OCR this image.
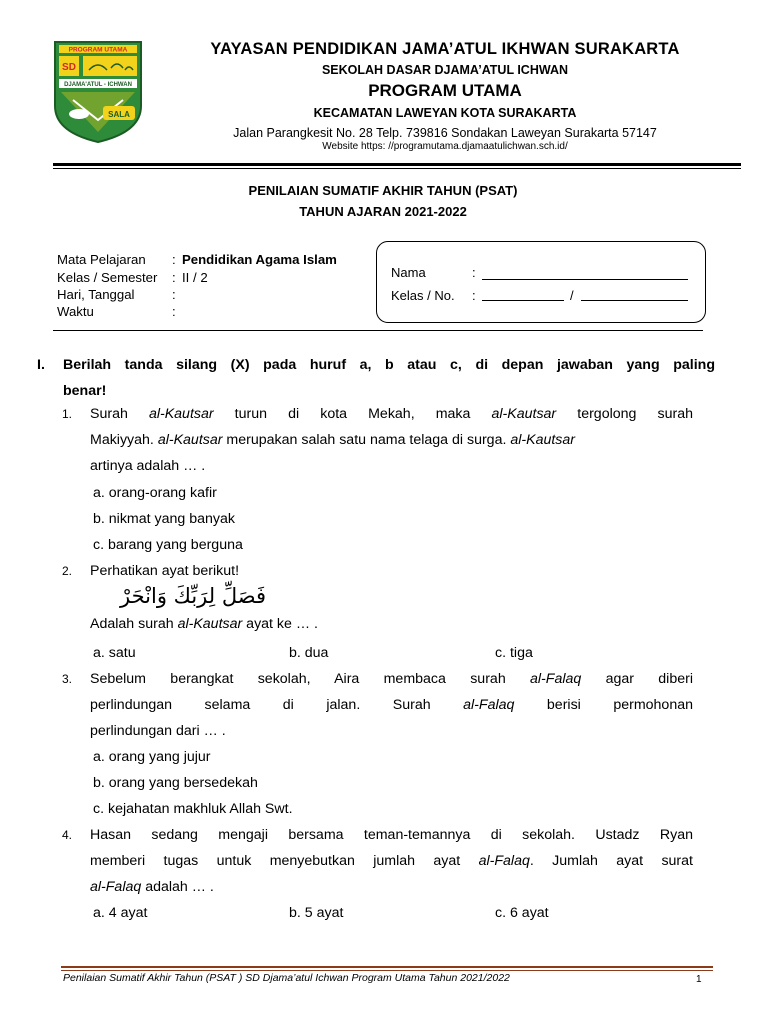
PROGRAM UTAMA
SD
DJAMA'ATUL - ICHWAN
SALA
YAYASAN PENDIDIKAN JAMA’ATUL IKHWAN SURAKARTA
SEKOLAH DASAR DJAMA’ATUL ICHWAN
PROGRAM UTAMA
KECAMATAN LAWEYAN KOTA SURAKARTA
Jalan Parangkesit No. 28 Telp. 739816 Sondakan Laweyan Surakarta 57147
Website https: //programutama.djamaatulichwan.sch.id/
PENILAIAN SUMATIF AKHIR TAHUN (PSAT)
TAHUN AJARAN 2021-2022
Mata Pelajaran : Pendidikan Agama Islam
Kelas / Semester : II / 2
Hari, Tanggal	:
Waktu	:
Nama	:
Kelas / No. :	/
I. Berilah tanda silang (X) pada huruf a, b atau c, di depan jawaban yang paling
benar!
1. Surah al-Kautsar turun di kota Mekah, maka al-Kautsar tergolong surah
Makiyyah. al-Kautsar merupakan salah satu nama telaga di surga. al-Kautsar
artinya adalah … .
a. orang-orang kafir
b. nikmat yang banyak
c. barang yang berguna
2. Perhatikan ayat berikut!
فَصَلِّ لِرَبِّكَ وَانْحَرْ
Adalah surah al-Kautsar ayat ke … .
a. satu	b. dua	c. tiga
3. Sebelum berangkat sekolah, Aira membaca surah al-Falaq agar diberi
perlindungan selama di jalan. Surah al-Falaq berisi permohonan
perlindungan dari … .
a. orang yang jujur
b. orang yang bersedekah
c. kejahatan makhluk Allah Swt.
4. Hasan sedang mengaji bersama teman-temannya di sekolah. Ustadz Ryan
memberi tugas untuk menyebutkan jumlah ayat al-Falaq. Jumlah ayat surat
al-Falaq adalah … .
a. 4 ayat	b. 5 ayat	c. 6 ayat
Penilaian Sumatif Akhir Tahun (PSAT ) SD Djama’atul Ichwan Program Utama Tahun 2021/2022	1
